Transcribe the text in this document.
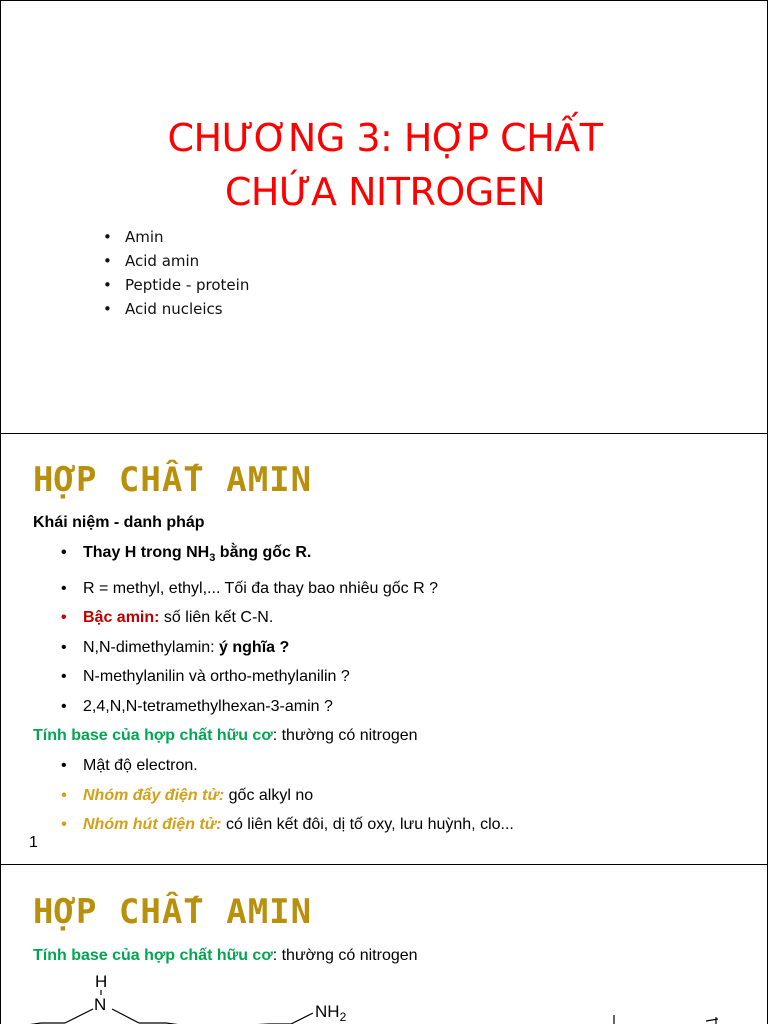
CHƯƠNG 3: HỢP CHẤT
CHỨA NITROGEN
• Amin
• Acid amin
• Peptide - protein
• Acid nucleics
HỢP CHẤT AMIN
Khái niệm - danh pháp
• Thay H trong $NH_3$ bằng gốc R.
• R = methyl, ethyl,... Tối đa thay bao nhiêu gốc R ?
• Bậc amin: số liên kết C-N.
• N,N-dimethylamin: ý nghĩa ?
• N-methylanilin và ortho-methylanilin ?
• 2,4,N,N-tetramethylhexan-3-amin ?
Tính base của hợp chất hữu cơ: thường có nitrogen
• Mật độ electron.
• Nhóm đẩy điện tử: gốc alkyl no
• Nhóm hút điện tử: có liên kết đôi, dị tố oxy, lưu huỳnh, clo...
1
HỢP CHẤT AMIN
Tính base của hợp chất hữu cơ: thường có nitrogen
H
N	$NH_2$
